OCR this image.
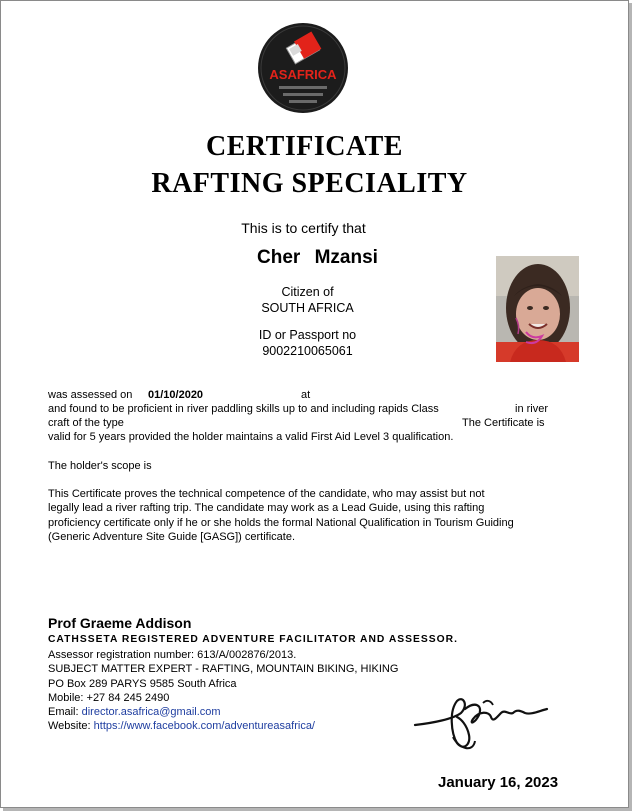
ASAFRICA
CERTIFICATE
RAFTING SPECIALITY
This is to certify that
Cher Mzansi
Citizen of
SOUTH AFRICA
ID or Passport no
9002210065061
was assessed on 01/10/2020	at
and found to be proficient in river paddling skills up to and including rapids Class	in river
craft of the type	The Certificate is
valid for 5 years provided the holder maintains a valid First Aid Level 3 qualification.
The holder's scope is
This Certificate proves the technical competence of the candidate, who may assist but not
legally lead a river rafting trip. The candidate may work as a Lead Guide, using this rafting
proficiency certificate only if he or she holds the formal National Qualification in Tourism Guiding
(Generic Adventure Site Guide [GASG]) certificate.
Prof Graeme Addison
CATHSSETA REGISTERED ADVENTURE FACILITATOR AND ASSESSOR.
Assessor registration number: 613/A/002876/2013.
SUBJECT MATTER EXPERT - RAFTING, MOUNTAIN BIKING, HIKING
PO Box 289 PARYS 9585 South Africa
Mobile: +27 84 245 2490
Email: director.asafrica@gmail.com
Website: https://www.facebook.com/adventureasafrica/
January 16, 2023
